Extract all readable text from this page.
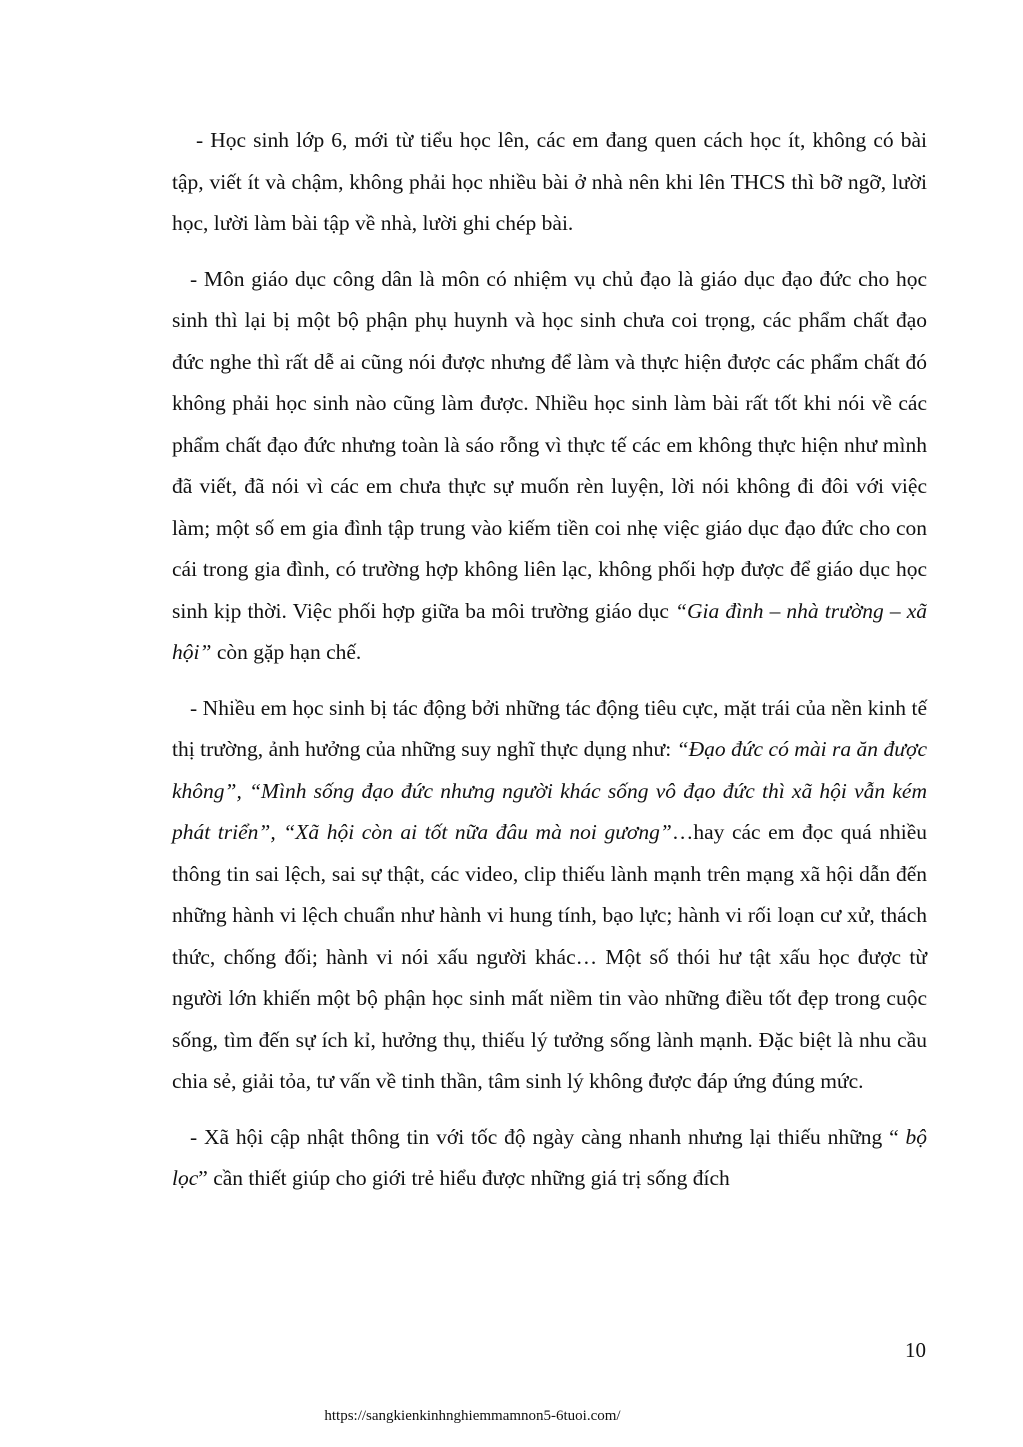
- Học sinh lớp 6, mới từ tiểu học lên, các em đang quen cách học ít, không có bài tập, viết ít và chậm, không phải học nhiều bài ở nhà nên khi lên THCS thì bỡ ngỡ, lười học, lười làm bài tập về nhà, lười ghi chép bài.

- Môn giáo dục công dân là môn có nhiệm vụ chủ đạo là giáo dục đạo đức cho học sinh thì lại bị một bộ phận phụ huynh và học sinh chưa coi trọng, các phẩm chất đạo đức nghe thì rất dễ ai cũng nói được nhưng để làm và thực hiện được các phẩm chất đó không phải học sinh nào cũng làm được. Nhiều học sinh làm bài rất tốt khi nói về các phẩm chất đạo đức nhưng toàn là sáo rỗng vì thực tế các em không thực hiện như mình đã viết, đã nói vì các em chưa thực sự muốn rèn luyện, lời nói không đi đôi với việc làm; một số em gia đình tập trung vào kiếm tiền coi nhẹ việc giáo dục đạo đức cho con cái trong gia đình, có trường hợp không liên lạc, không phối hợp được để giáo dục học sinh kịp thời. Việc phối hợp giữa ba môi trường giáo dục “Gia đình – nhà trường – xã hội” còn gặp hạn chế.

- Nhiều em học sinh bị tác động bởi những tác động tiêu cực, mặt trái của nền kinh tế thị trường, ảnh hưởng của những suy nghĩ thực dụng như: “Đạo đức có mài ra ăn được không”, “Mình sống đạo đức nhưng người khác sống vô đạo đức thì xã hội vẫn kém phát triển”, “Xã hội còn ai tốt nữa đâu mà noi gương”…hay các em đọc quá nhiều thông tin sai lệch, sai sự thật, các video, clip thiếu lành mạnh trên mạng xã hội dẫn đến những hành vi lệch chuẩn như hành vi hung tính, bạo lực; hành vi rối loạn cư xử, thách thức, chống đối; hành vi nói xấu người khác… Một số thói hư tật xấu học được từ người lớn khiến một bộ phận học sinh mất niềm tin vào những điều tốt đẹp trong cuộc sống, tìm đến sự ích kỉ, hưởng thụ, thiếu lý tưởng sống lành mạnh. Đặc biệt là nhu cầu chia sẻ, giải tỏa, tư vấn về tinh thần, tâm sinh lý không được đáp ứng đúng mức.

- Xã hội cập nhật thông tin với tốc độ ngày càng nhanh nhưng lại thiếu những “ bộ lọc” cần thiết giúp cho giới trẻ hiểu được những giá trị sống đích

10
https://sangkienkinhnghiemmamnon5-6tuoi.com/
